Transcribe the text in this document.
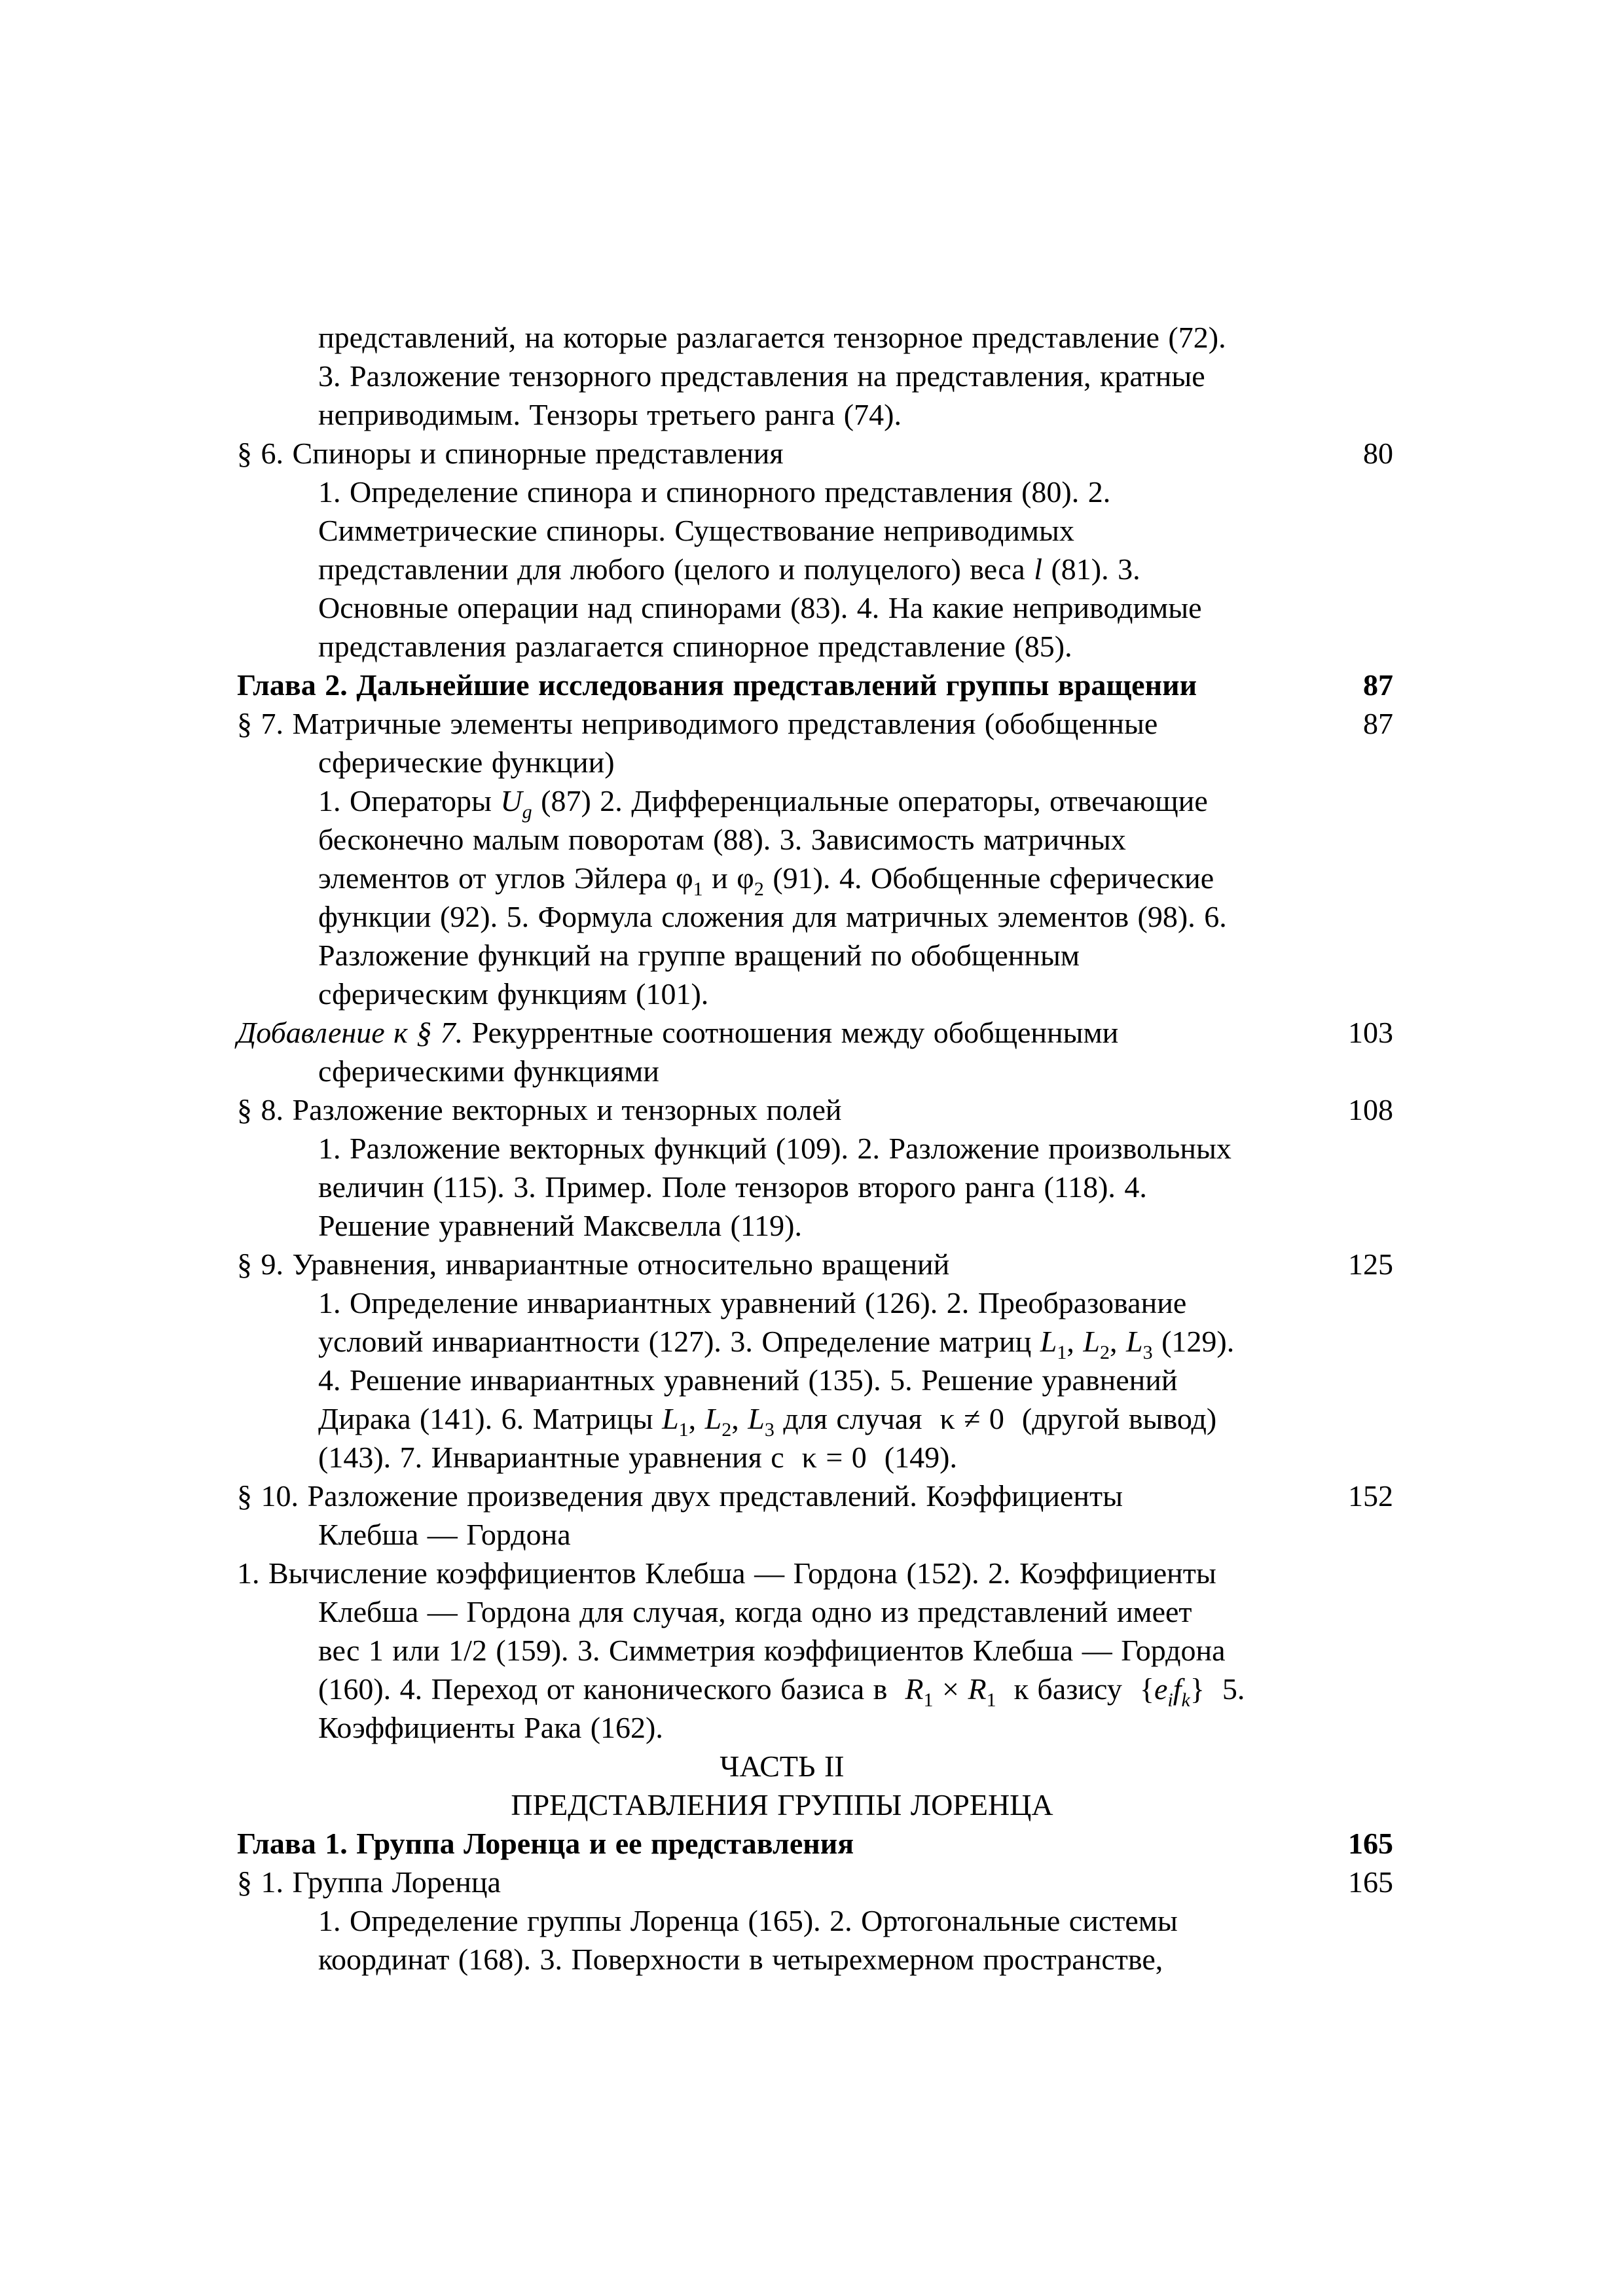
представлений, на которые разлагается тензорное представление (72).
3. Разложение тензорного представления на представления, кратные
неприводимым. Тензоры третьего ранга (74).
§ 6. Спиноры и спинорные представления	80
1. Определение спинора и спинорного представления (80). 2.
Симметрические спиноры. Существование неприводимых
представлении для любого (целого и полуцелого) веса l (81). 3.
Основные операции над спинорами (83). 4. На какие неприводимые
представления разлагается спинорное представление (85).
Глава 2. Дальнейшие исследования представлений группы вращении	87
§ 7. Матричные элементы неприводимого представления (обобщенные	87
сферические функции)
1. Операторы $U_g$ (87) 2. Дифференциальные операторы, отвечающие
бесконечно малым поворотам (88). 3. Зависимость матричных
элементов от углов Эйлера $\varphi_1$ и $\varphi_2$ (91). 4. Обобщенные сферические
функции (92). 5. Формула сложения для матричных элементов (98). 6.
Разложение функций на группе вращений по обобщенным
сферическим функциям (101).
Добавление к § 7. Рекуррентные соотношения между обобщенными	103
сферическими функциями
§ 8. Разложение векторных и тензорных полей	108
1. Разложение векторных функций (109). 2. Разложение произвольных
величин (115). 3. Пример. Поле тензоров второго ранга (118). 4.
Решение уравнений Максвелла (119).
§ 9. Уравнения, инвариантные относительно вращений	125
1. Определение инвариантных уравнений (126). 2. Преобразование
условий инвариантности (127). 3. Определение матриц $L_1$, $L_2$, $L_3$ (129).
4. Решение инвариантных уравнений (135). 5. Решение уравнений
Дирака (141). 6. Матрицы $L_1$, $L_2$, $L_3$ для случая  κ ≠ 0  (другой вывод)
(143). 7. Инвариантные уравнения с  κ = 0  (149).
§ 10. Разложение произведения двух представлений. Коэффициенты	152
Клебша — Гордона
1. Вычисление коэффициентов Клебша — Гордона (152). 2. Коэффициенты
Клебша — Гордона для случая, когда одно из представлений имеет
вес 1 или 1/2 (159). 3. Симметрия коэффициентов Клебша — Гордона
(160). 4. Переход от канонического базиса в  $R_1 \times R_1$  к базису  $\{e_if_k\}$  5.
Коэффициенты Рака (162).
ЧАСТЬ II
ПРЕДСТАВЛЕНИЯ ГРУППЫ ЛОРЕНЦА
Глава 1. Группа Лоренца и ее представления	165
§ 1. Группа Лоренца	165
1. Определение группы Лоренца (165). 2. Ортогональные системы
координат (168). 3. Поверхности в четырехмерном пространстве,
